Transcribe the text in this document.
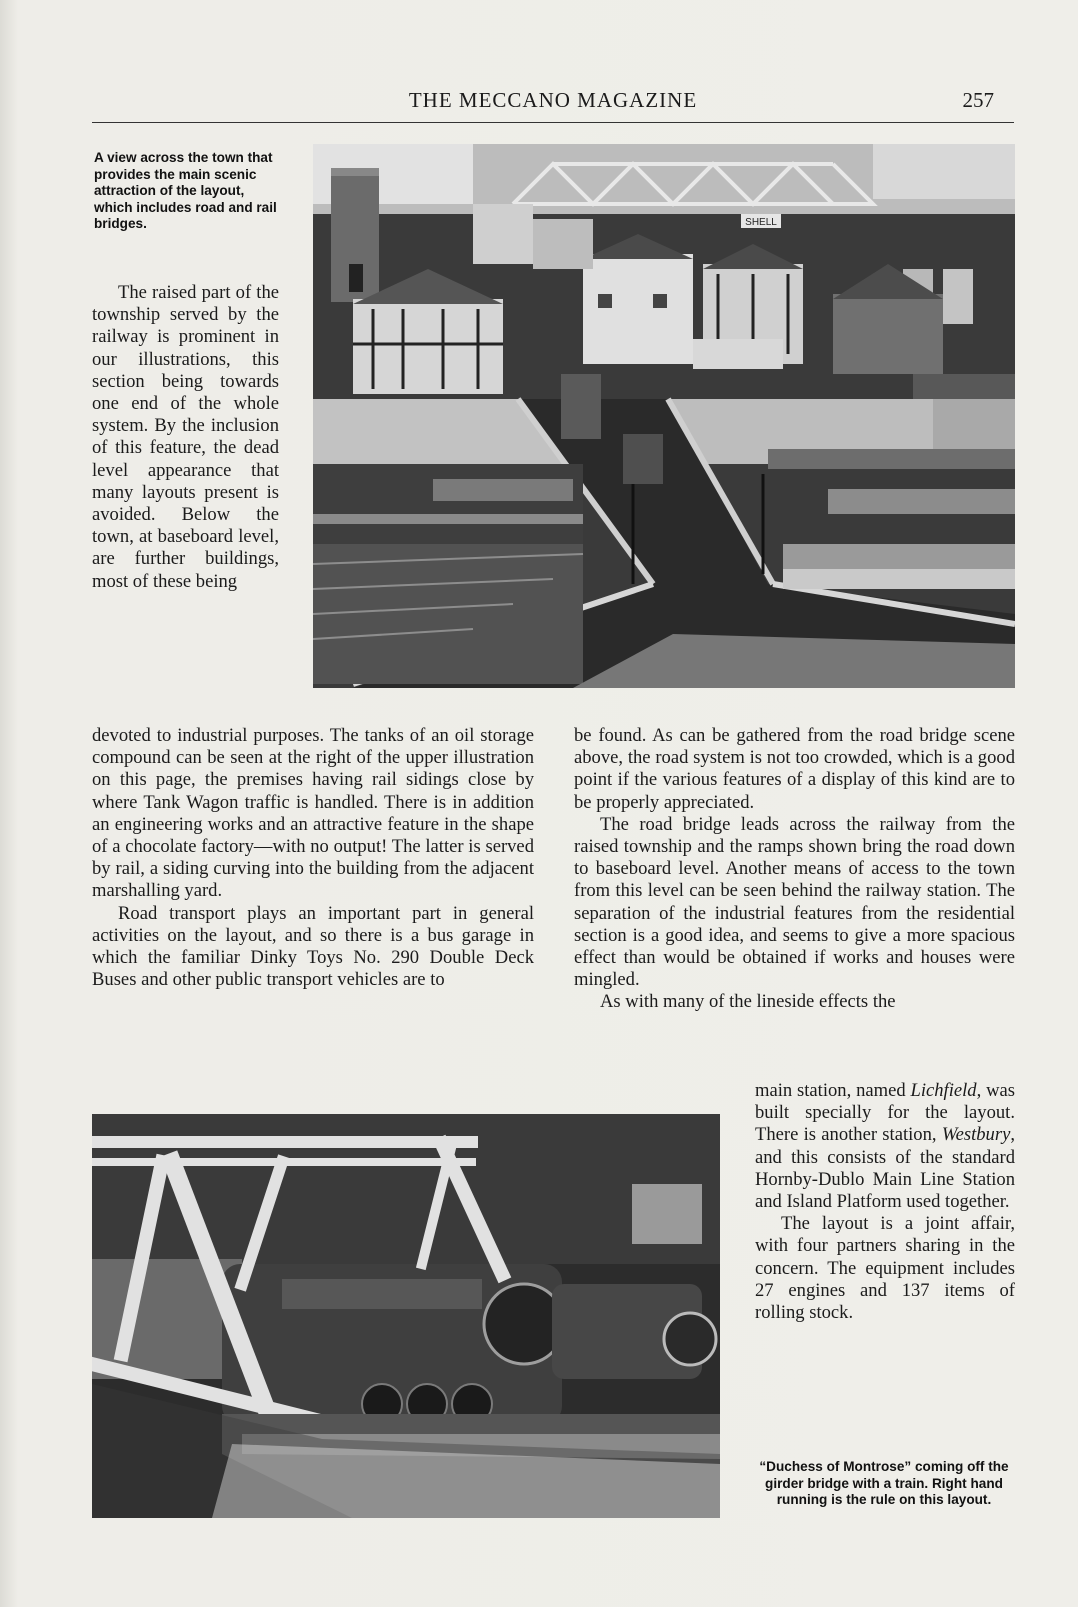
THE MECCANO MAGAZINE	257
A view across the town that provides the main scenic attraction of the layout, which includes road and rail bridges.	SHELL

The raised part of the township served by the railway is prominent in our illustrations, this section being towards one end of the whole system. By the inclusion of this feature, the dead level appearance that many layouts present is avoided. Below the town, at baseboard level, are further buildings, most of these being

devoted to industrial purposes. The tanks of an oil storage compound can be seen at the right of the upper illustration on this page, the premises having rail sidings close by where Tank Wagon traffic is handled. There is in addition an engineering works and an attractive feature in the shape of a chocolate factory—with no output! The latter is served by rail, a siding curving into the building from the adjacent marshalling yard.

Road transport plays an important part in general activities on the layout, and so there is a bus garage in which the familiar Dinky Toys No. 290 Double Deck Buses and other public transport vehicles are to

be found. As can be gathered from the road bridge scene above, the road system is not too crowded, which is a good point if the various features of a display of this kind are to be properly appreciated.

The road bridge leads across the railway from the raised township and the ramps shown bring the road down to baseboard level. Another means of access to the town from this level can be seen behind the railway station. The separation of the industrial features from the residential section is a good idea, and seems to give a more spacious effect than would be obtained if works and houses were mingled.

As with many of the lineside effects the

main station, named Lichfield, was built specially for the layout. There is another station, Westbury, and this consists of the standard Hornby-Dublo Main Line Station and Island Platform used together.

The layout is a joint affair, with four partners sharing in the concern. The equipment includes 27 engines and 137 items of rolling stock.

“Duchess of Montrose” coming off the girder bridge with a train. Right hand running is the rule on this layout.
